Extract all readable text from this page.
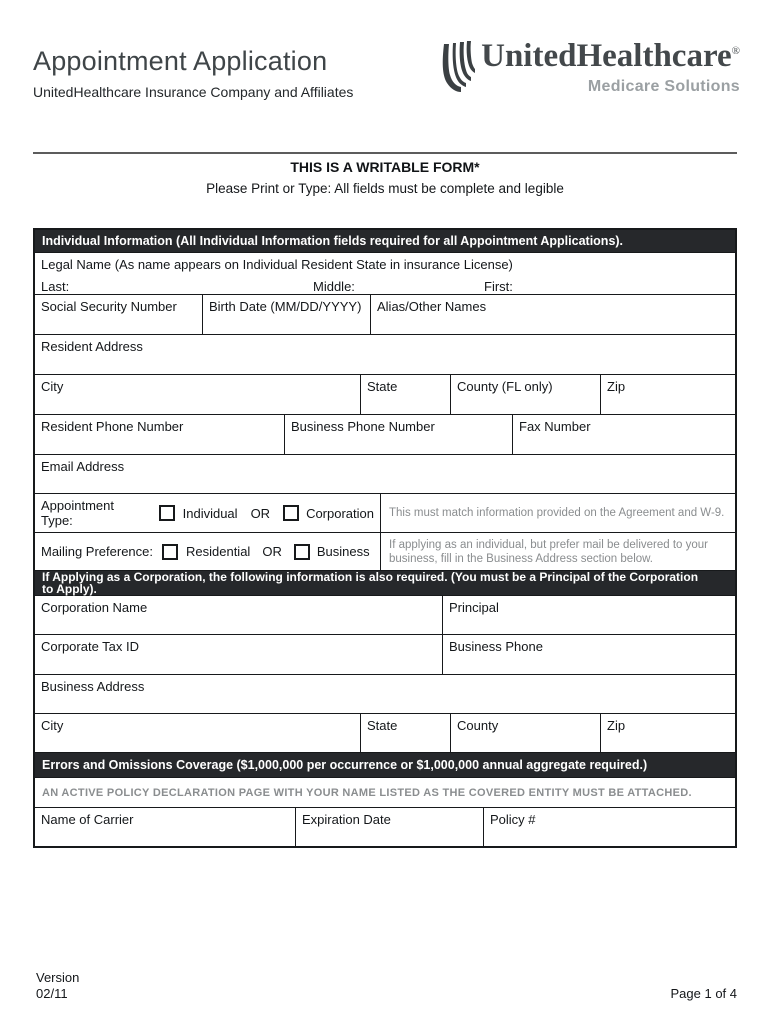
Appointment Application
UnitedHealthcare Insurance Company and Affiliates
UnitedHealthcare®
Medicare Solutions
THIS IS A WRITABLE FORM*
Please Print or Type: All fields must be complete and legible
Individual Information (All Individual Information fields required for all Appointment Applications).
Legal Name (As name appears on Individual Resident State in insurance License)
Last:	Middle:	First:
Social Security Number	Birth Date (MM/DD/YYYY)	Alias/Other Names
Resident Address
City	State	County (FL only)	Zip
Resident Phone Number	Business Phone Number	Fax Number
Email Address
Appointment Type:	Individual OR	Corporation	This must match information provided on the Agreement and W-9.
Mailing Preference:	Residential OR	Business	If applying as an individual, but prefer mail be delivered to your business, fill in the Business Address section below.
If Applying as a Corporation, the following information is also required. (You must be a Principal of the Corporation
to Apply).
Corporation Name	Principal
Corporate Tax ID	Business Phone
Business Address
City	State	County	Zip
Errors and Omissions Coverage ($1,000,000 per occurrence or $1,000,000 annual aggregate required.)
AN ACTIVE POLICY DECLARATION PAGE WITH YOUR NAME LISTED AS THE COVERED ENTITY MUST BE ATTACHED.
Name of Carrier	Expiration Date	Policy #
Version
02/11	Page 1 of 4
